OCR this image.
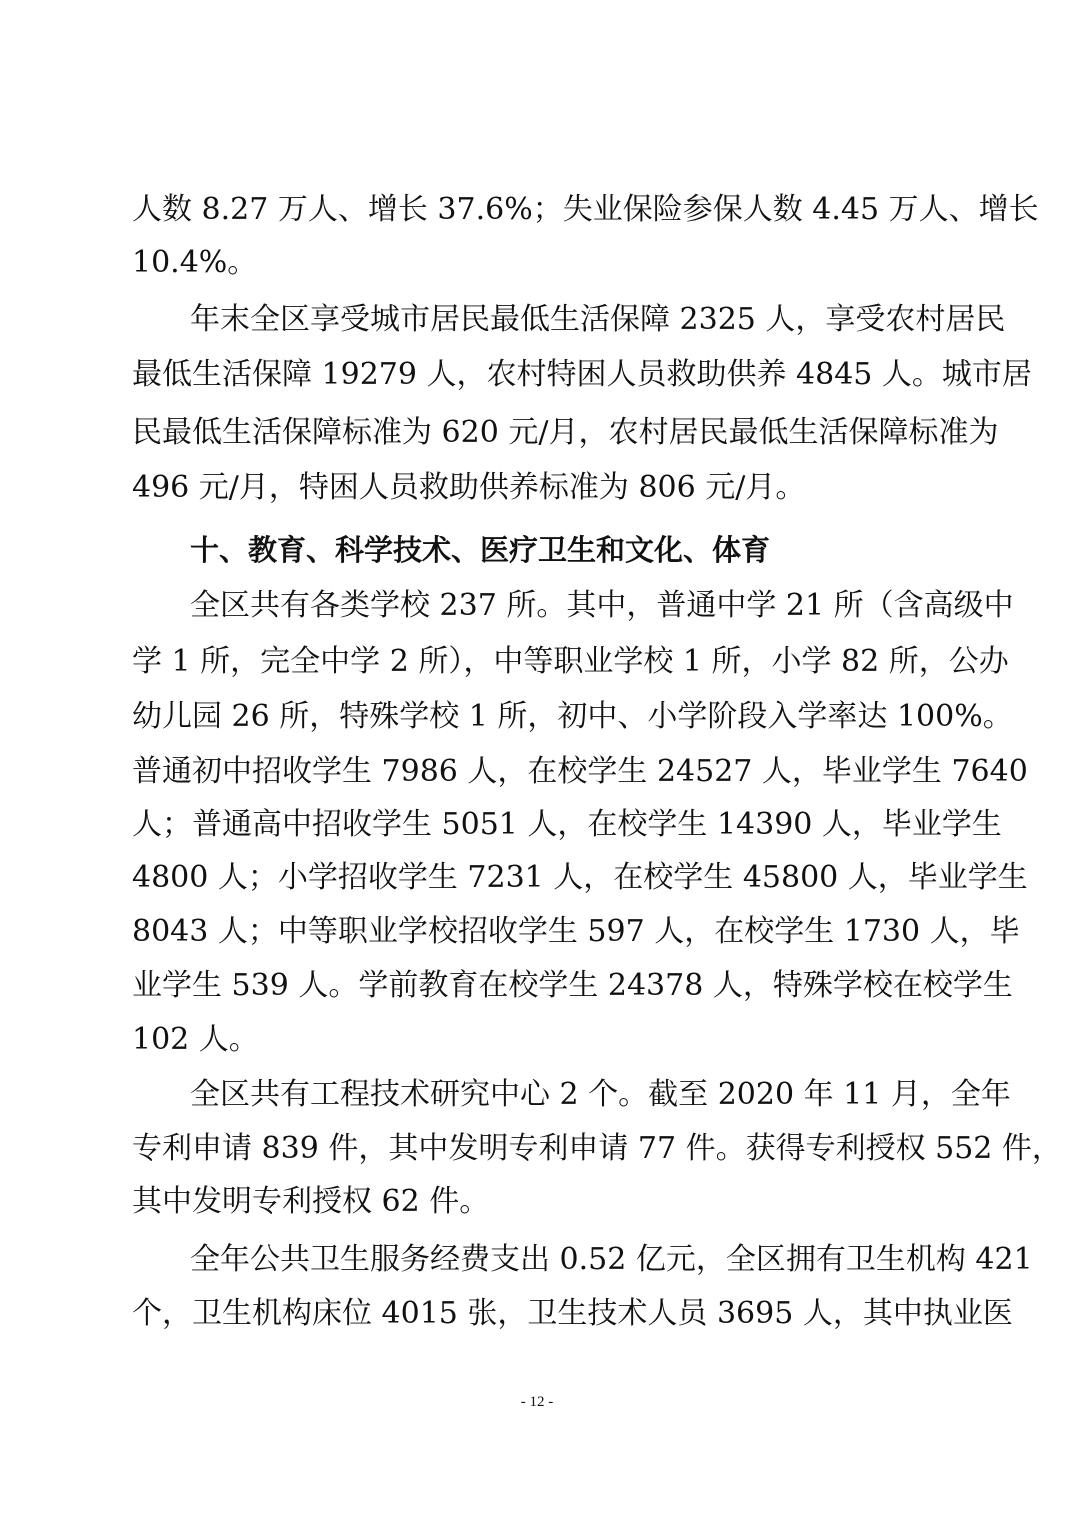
人数 8.27 万人、增长 37.6%；失业保险参保人数 4.45 万人、增长
10.4%。
年末全区享受城市居民最低生活保障 2325 人，享受农村居民
最低生活保障 19279 人，农村特困人员救助供养 4845 人。城市居
民最低生活保障标准为 620 元/月，农村居民最低生活保障标准为
496 元/月，特困人员救助供养标准为 806 元/月。
十、教育、科学技术、医疗卫生和文化、体育
全区共有各类学校 237 所。其中，普通中学 21 所（含高级中
学 1 所，完全中学 2 所），中等职业学校 1 所，小学 82 所，公办
幼儿园 26 所，特殊学校 1 所，初中、小学阶段入学率达 100%。
普通初中招收学生 7986 人，在校学生 24527 人，毕业学生 7640
人；普通高中招收学生 5051 人，在校学生 14390 人，毕业学生
4800 人；小学招收学生 7231 人，在校学生 45800 人，毕业学生
8043 人；中等职业学校招收学生 597 人，在校学生 1730 人，毕
业学生 539 人。学前教育在校学生 24378 人，特殊学校在校学生
102 人。
全区共有工程技术研究中心 2 个。截至 2020 年 11 月，全年
专利申请 839 件，其中发明专利申请 77 件。获得专利授权 552 件，
其中发明专利授权 62 件。
全年公共卫生服务经费支出 0.52 亿元，全区拥有卫生机构 421
个，卫生机构床位 4015 张，卫生技术人员 3695 人，其中执业医
- 12 -
